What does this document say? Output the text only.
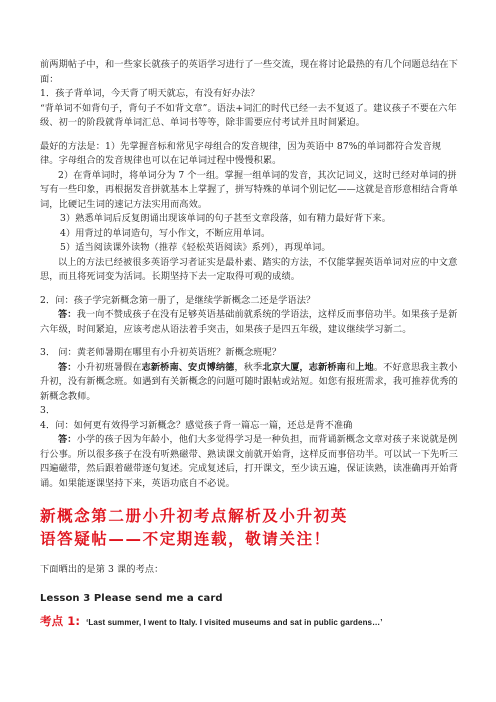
前两期帖子中，和一些家长就孩子的英语学习进行了一些交流，现在将讨论最热的有几个问题总结在下面：

1．孩子背单词，今天背了明天就忘，有没有好办法？

“背单词不如背句子，背句子不如背文章”。语法+词汇的时代已经一去不复返了。建议孩子不要在六年级、初一的阶段就背单词汇总、单词书等等，除非需要应付考试并且时间紧迫。

最好的方法是：1）先掌握音标和常见字母组合的发音规律，因为英语中 87%的单词都符合发音规律。字母组合的发音规律也可以在记单词过程中慢慢积累。

2）在背单词时，将单词分为 7 个一组。掌握一组单词的发音，其次记词义，这时已经对单词的拼写有一些印象，再根据发音拼就基本上掌握了，拼写特殊的单词个别记忆——这就是音形意相结合背单词，比硬记生词的速记方法实用而高效。

3）熟悉单词后反复朗诵出现该单词的句子甚至文章段落，如有精力最好背下来。

4）用背过的单词造句，写小作文，不断应用单词。

5）适当阅读课外读物（推荐《轻松英语阅读》系列），再现单词。

以上的方法已经被很多英语学习者证实是最朴素、踏实的方法，不仅能掌握英语单词对应的中文意思，而且将死词变为活词。长期坚持下去一定取得可观的成绩。

2．问：孩子学完新概念第一册了，是继续学新概念二还是学语法？

答：我一向不赞成孩子在没有足够英语基础前就系统的学语法，这样反而事倍功半。如果孩子是新六年级，时间紧迫，应该考虑从语法着手突击，如果孩子是四五年级，建议继续学习新二。

3． 问：黄老师暑期在哪里有小升初英语班？新概念班呢？

答：小升初班暑假在志新桥南、安贞博纳德，秋季北京大厦，志新桥南和上地。不好意思我主教小升初，没有新概念班。如遇到有关新概念的问题可随时跟帖或站短。如您有报班需求，我可推荐优秀的新概念教师。

3．

4．问：如何更有效得学习新概念？感觉孩子背一篇忘一篇，还总是背不准确

答：小学的孩子因为年龄小，他们大多觉得学习是一种负担，而背诵新概念文章对孩子来说就是例行公事。所以很多孩子在没有听熟磁带、熟读课文前就开始背，这样反而事倍功半。可以试一下先听三四遍磁带，然后跟着磁带逐句复述。完成复述后，打开课文，至少读五遍，保证读熟，读准确再开始背诵。如果能逐课坚持下来，英语功底自不必说。

新概念第二册小升初考点解析及小升初英

语答疑帖——不定期连载，敬请关注！

下面晒出的是第 3 课的考点：

Lesson 3 Please send me a card

考点 1: ‘Last summer, I went to Italy. I visited museums and sat in public gardens…’
